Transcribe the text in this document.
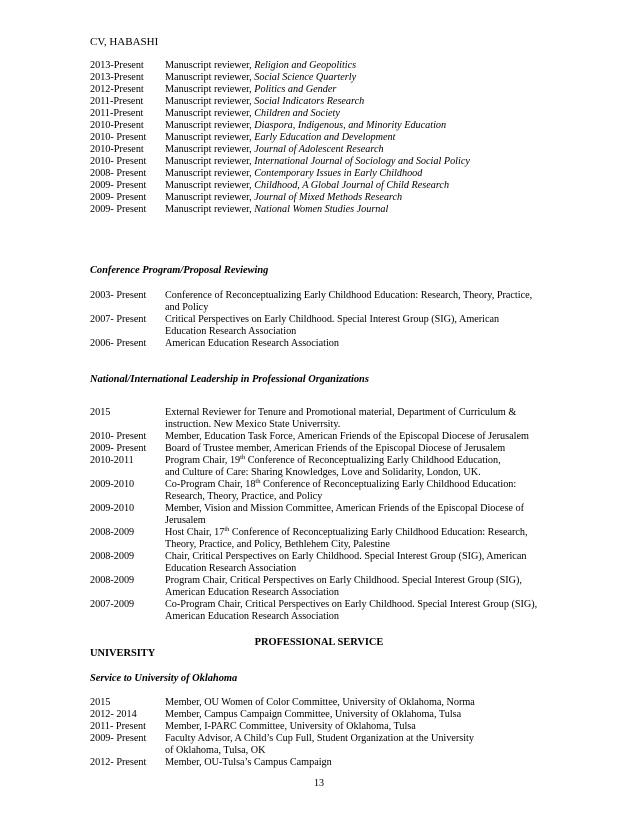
CV, HABASHI
2013-Present	Manuscript reviewer, Religion and Geopolitics
2013-Present	Manuscript reviewer, Social Science Quarterly
2012-Present	Manuscript reviewer, Politics and Gender
2011-Present	Manuscript reviewer, Social Indicators Research
2011-Present	Manuscript reviewer, Children and Society
2010-Present	Manuscript reviewer, Diaspora, Indigenous, and Minority Education
2010- Present	Manuscript reviewer, Early Education and Development
2010-Present	Manuscript reviewer, Journal of Adolescent Research
2010- Present	Manuscript reviewer, International Journal of Sociology and Social Policy
2008- Present	Manuscript reviewer, Contemporary Issues in Early Childhood
2009- Present	Manuscript reviewer, Childhood, A Global Journal of Child Research
2009- Present	Manuscript reviewer, Journal of Mixed Methods Research
2009- Present	Manuscript reviewer, National Women Studies Journal
Conference Program/Proposal Reviewing
2003- Present	Conference of Reconceptualizing Early Childhood Education: Research, Theory, Practice,
and Policy
2007- Present	Critical Perspectives on Early Childhood. Special Interest Group (SIG), American
Education Research Association
2006- Present	American Education Research Association
National/International Leadership in Professional Organizations
2015	External Reviewer for Tenure and Promotional material, Department of Curriculum &
instruction. New Mexico State Univerrsity.
2010- Present	Member, Education Task Force, American Friends of the Episcopal Diocese of Jerusalem
2009- Present	Board of Trustee member, American Friends of the Episcopal Diocese of Jerusalem
2010-2011	Program Chair, 19th Conference of Reconceptualizing Early Childhood Education,
and Culture of Care: Sharing Knowledges, Love and Solidarity, London, UK.
2009-2010	Co-Program Chair, 18th Conference of Reconceptualizing Early Childhood Education:
Research, Theory, Practice, and Policy
2009-2010	Member, Vision and Mission Committee, American Friends of the Episcopal Diocese of
Jerusalem
2008-2009	Host Chair, 17th Conference of Reconceptualizing Early Childhood Education: Research,
Theory, Practice, and Policy, Bethlehem City, Palestine
2008-2009	Chair, Critical Perspectives on Early Childhood. Special Interest Group (SIG), American
Education Research Association
2008-2009	Program Chair, Critical Perspectives on Early Childhood. Special Interest Group (SIG),
American Education Research Association
2007-2009	Co-Program Chair, Critical Perspectives on Early Childhood. Special Interest Group (SIG),
American Education Research Association
PROFESSIONAL SERVICE
UNIVERSITY
Service to University of Oklahoma
2015	Member, OU Women of Color Committee, University of Oklahoma, Norma
2012- 2014	Member, Campus Campaign Committee, University of Oklahoma, Tulsa
2011- Present	Member, I-PARC Committee, University of Oklahoma, Tulsa
2009- Present	Faculty Advisor, A Child’s Cup Full, Student Organization at the University
of Oklahoma, Tulsa, OK
2012- Present	Member, OU-Tulsa’s Campus Campaign
13
